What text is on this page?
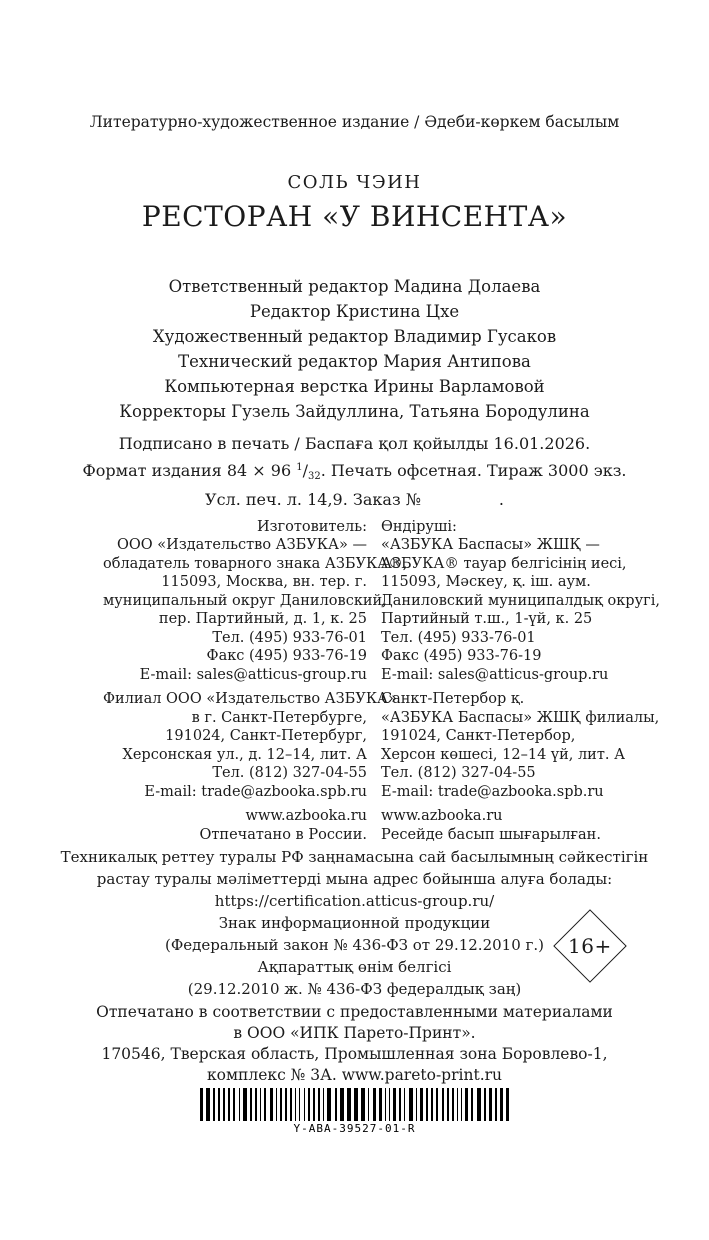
Литературно-художественное издание / Әдеби-көркем басылым
СОЛЬ ЧЭИН
РЕСТОРАН «У ВИНСЕНТА»
Ответственный редактор Мадина Долаева
Редактор Кристина Цхе
Художественный редактор Владимир Гусаков
Технический редактор Мария Антипова
Компьютерная верстка Ирины Варламовой
Корректоры Гузель Зайдуллина, Татьяна Бородулина
Подписано в печать / Баспаға қол қойылды 16.01.2026.
Формат издания 84 × 96 $^1/_{32}$. Печать офсетная. Тираж 3000 экз.
Усл. печ. л. 14,9. Заказ №	.
Изготовитель:
ООО «Издательство АЗБУКА» —
обладатель товарного знака АЗБУКА®,
115093, Москва, вн. тер. г.
муниципальный округ Даниловский,
пер. Партийный, д. 1, к. 25
Тел. (495) 933-76-01
Факс (495) 933-76-19
E-mail: sales@atticus-group.ru
Филиал ООО «Издательство АЗБУКА»
в г. Санкт-Петербурге,
191024, Санкт-Петербург,
Херсонская ул., д. 12–14, лит. А
Тел. (812) 327-04-55
E-mail: trade@azbooka.spb.ru
www.azbooka.ru
Отпечатано в России.
Өндіруші:
«АЗБУКА Баспасы» ЖШҚ —
АЗБУКА® тауар белгісінің иесі,
115093, Мәскеу, қ. іш. аум.
Даниловский муниципалдық округі,
Партийный т.ш., 1-үй, к. 25
Тел. (495) 933-76-01
Факс (495) 933-76-19
E-mail: sales@atticus-group.ru
Санкт-Петербор қ.
«АЗБУКА Баспасы» ЖШҚ филиалы,
191024, Санкт-Петербор,
Херсон көшесі, 12–14 үй, лит. А
Тел. (812) 327-04-55
E-mail: trade@azbooka.spb.ru
www.azbooka.ru
Ресейде басып шығарылған.
Техникалық реттеу туралы РФ заңнамасына сай басылымның сәйкестігін
растау туралы мәліметтерді мына адрес бойынша алуға болады:
https://certification.atticus-group.ru/
Знак информационной продукции
(Федеральный закон № 436-ФЗ от 29.12.2010 г.)
Ақпараттық өнім белгісі
(29.12.2010 ж. № 436-ФЗ федералдық заң)
16+
Отпечатано в соответствии с предоставленными материалами
в ООО «ИПК Парето-Принт».
170546, Тверская область, Промышленная зона Боровлево-1,
комплекс № 3А. www.pareto-print.ru
Y-ABA-39527-01-R
